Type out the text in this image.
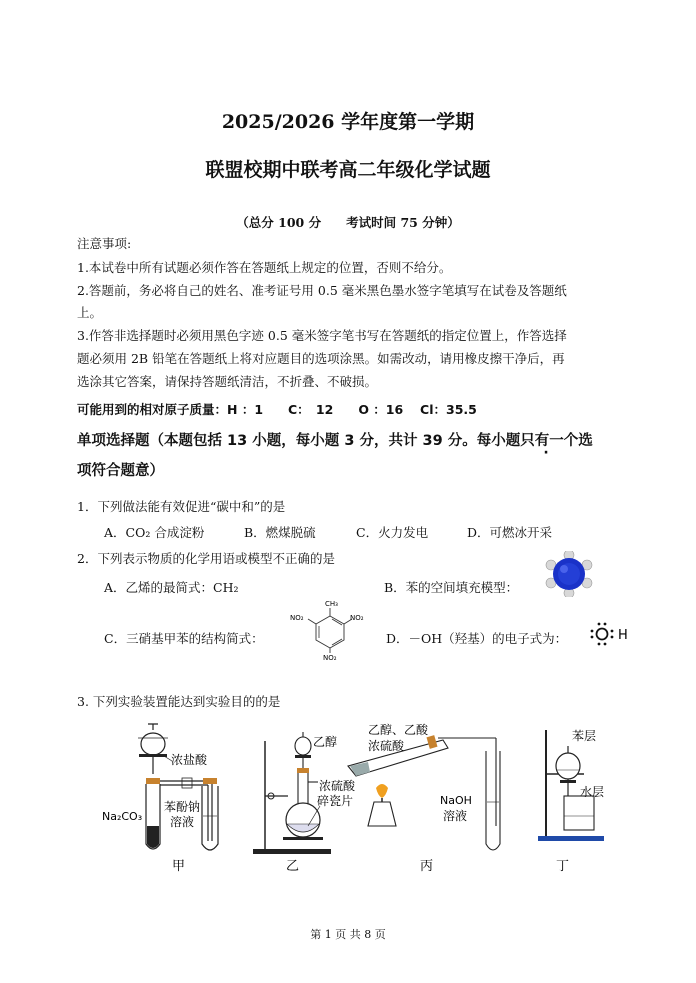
2025/2026 学年度第一学期
联盟校期中联考高二年级化学试题
（总分 100 分　　考试时间 75 分钟）
注意事项:
1.本试卷中所有试题必须作答在答题纸上规定的位置，否则不给分。
2.答题前，务必将自己的姓名、准考证号用 0.5 毫米黑色墨水签字笔填写在试卷及答题纸
上。
3.作答非选择题时必须用黑色字迹 0.5 毫米签字笔书写在答题纸的指定位置上，作答选择
题必须用 2B 铅笔在答题纸上将对应题目的选项涂黑。如需改动，请用橡皮擦干净后，再
选涂其它答案，请保持答题纸清洁，不折叠、不破损。
可能用到的相对原子质量：H ：1　　C：　12　　O ：16　 Cl：35.5
单项选择题（本题包括 13 小题，每小题 3 分，共计 39 分。每小题只有一个选
项符合题意）
1．下列做法能有效促进“碳中和”的是
A．CO₂ 合成淀粉	B．燃煤脱硫	C．火力发电	D．可燃冰开采
2．下列表示物质的化学用语或模型不正确的是
A．乙烯的最简式：CH₂	B．苯的空间填充模型：
C．三硝基甲苯的结构简式：
CH₃
NO₂	NO₂
NO₂
D．－OH（羟基）的电子式为：	H
3. 下列实验装置能达到实验目的的是
浓盐酸
Na₂CO₃
苯酚钠
溶液
甲
乙醇
浓硫酸
碎瓷片
乙
乙醇、乙酸
浓硫酸
NaOH
溶液
丙
苯层
水层
丁
第 1 页 共 8 页
